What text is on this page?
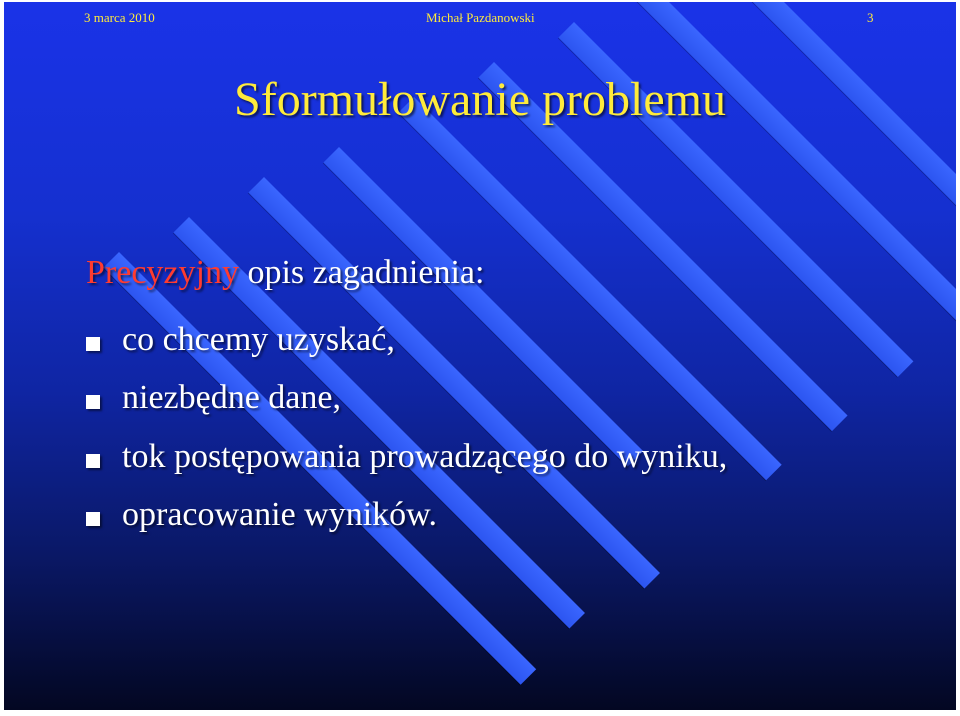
3 marca 2010	Michał Pazdanowski	3
Sformułowanie problemu
Precyzyjny opis zagadnienia:
co chcemy uzyskać,
niezbędne dane,
tok postępowania prowadzącego do wyniku,
opracowanie wyników.
